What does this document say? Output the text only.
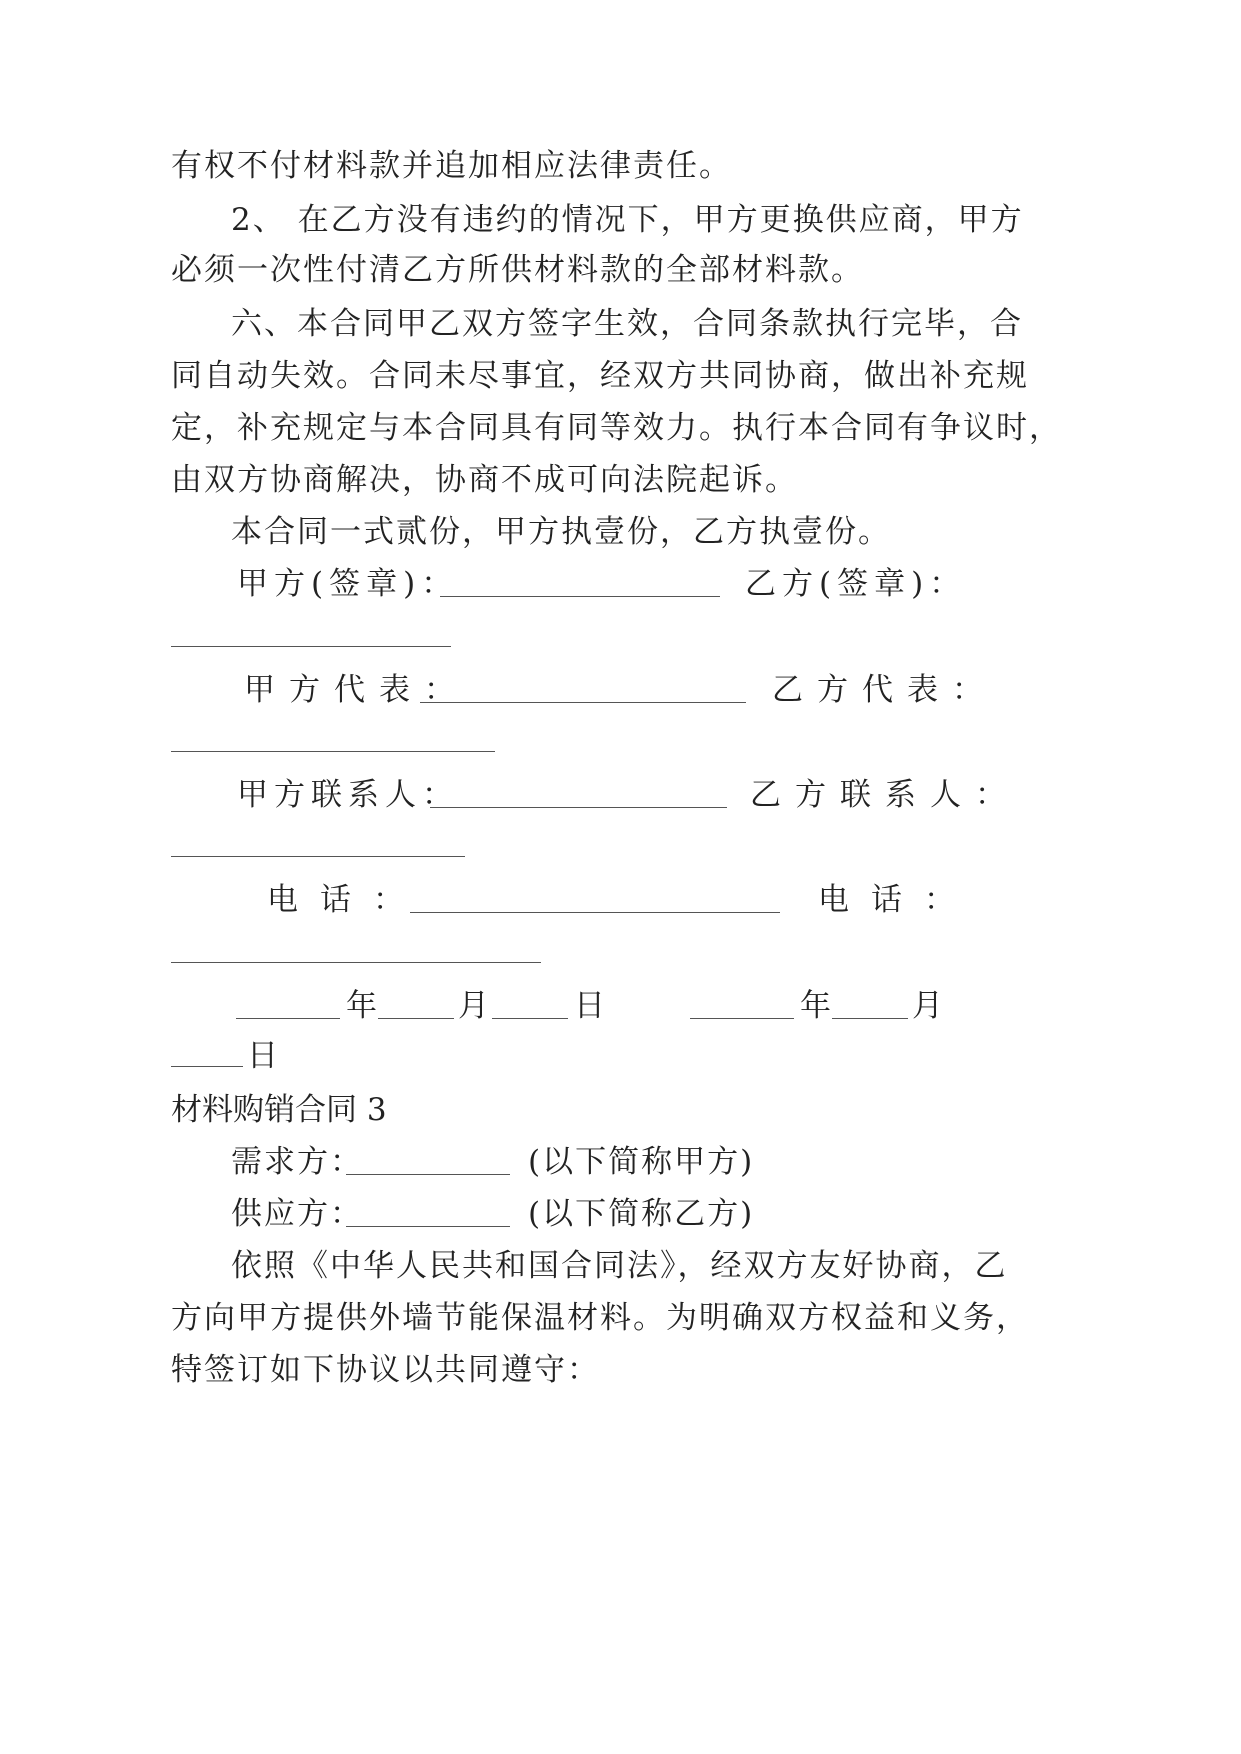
有权不付材料款并追加相应法律责任。
2、 在乙方没有违约的情况下，甲方更换供应商，甲方
必须一次性付清乙方所供材料款的全部材料款。
六、本合同甲乙双方签字生效，合同条款执行完毕，合
同自动失效。合同未尽事宜，经双方共同协商，做出补充规
定，补充规定与本合同具有同等效力。执行本合同有争议时，
由双方协商解决，协商不成可向法院起诉。
本合同一式贰份，甲方执壹份，乙方执壹份。
甲方(签章)：	乙方(签章)：
甲方代表：	乙方代表：
甲方联系人：	乙方联系人：
电话：	电话：
年	月	日	年	月
日
材料购销合同 3
需求方：	(以下简称甲方)
供应方：	(以下简称乙方)
依照《中华人民共和国合同法》，经双方友好协商，乙
方向甲方提供外墙节能保温材料。为明确双方权益和义务，
特签订如下协议以共同遵守：
